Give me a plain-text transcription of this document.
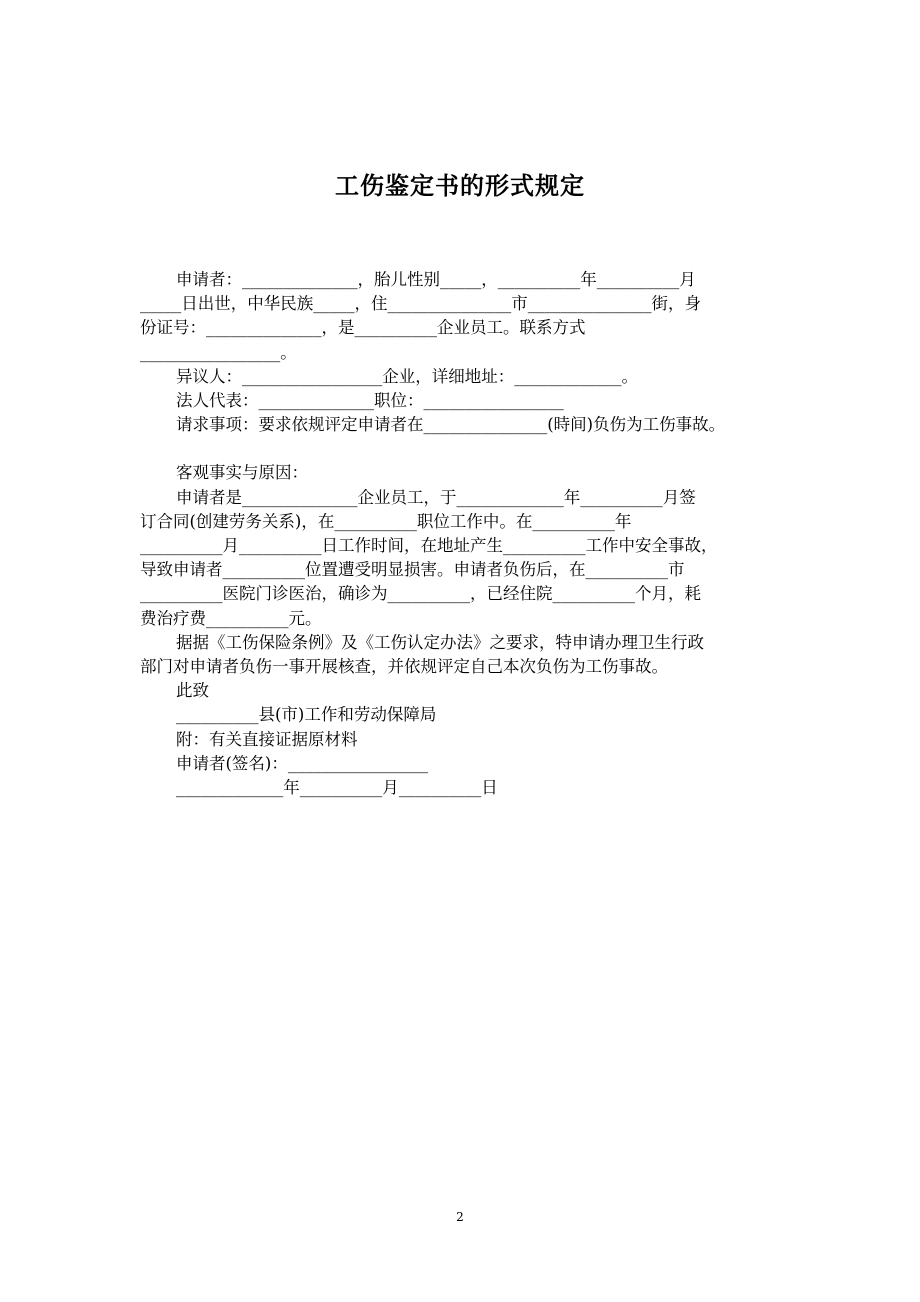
工伤鉴定书的形式规定
申请者：______________，胎儿性别_____，__________年__________月
_____日出世，中华民族_____，住_______________市_______________街，身
份证号：______________，是__________企业员工。联系方式
_________________。
异议人：_________________企业，详细地址：_____________。
法人代表：______________职位：_________________
请求事项：要求依规评定申请者在_______________(時间)负伤为工伤事故。
客观事实与原因：
申请者是______________企业员工，于_____________年__________月签
订合同(创建劳务关系)，在__________职位工作中。在__________年
__________月__________日工作时间，在地址产生__________工作中安全事故，
导致申请者__________位置遭受明显损害。申请者负伤后，在__________市
__________医院门诊医治，确诊为__________，已经住院__________个月，耗
费治疗费__________元。
据据《工伤保险条例》及《工伤认定办法》之要求，特申请办理卫生行政
部门对申请者负伤一事开展核查，并依规评定自己本次负伤为工伤事故。
此致
__________县(市)工作和劳动保障局
附：有关直接证据原材料
申请者(签名)：_________________
_____________年__________月__________日
2
